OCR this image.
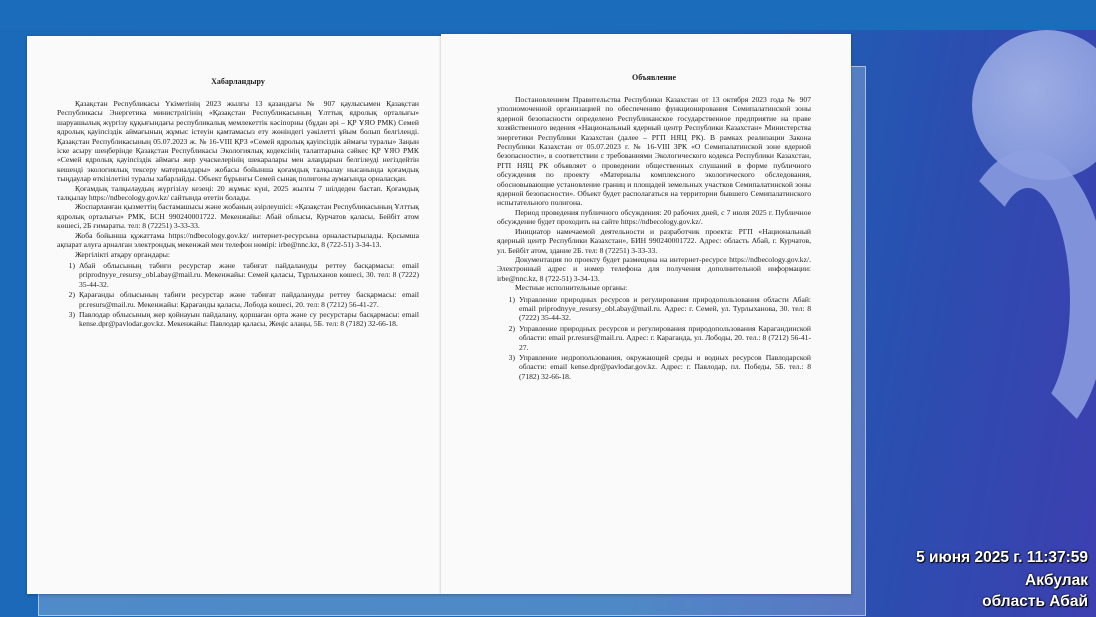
Хабарландыру

Қазақстан Республикасы Үкіметінің 2023 жылғы 13 қазандағы № 907 қаулысымен Қазақстан Республикасы Энергетика министрлігінің «Қазақстан Республикасының Ұлттық ядролық орталығы» шаруашылық жүргізу құқығындағы республикалық мемлекеттік кәсіпорны (бұдан әрі – ҚР ҰЯО РМК) Семей ядролық қауіпсіздік аймағының жұмыс істеуін қамтамасыз ету жөніндегі уәкілетті ұйым болып белгіленді. Қазақстан Республикасының 05.07.2023 ж. № 16-VIII ҚРЗ «Семей ядролық қауіпсіздік аймағы туралы» Заңын іске асыру шеңберінде Қазақстан Республикасы Экологиялық кодексінің талаптарына сәйкес ҚР ҰЯО РМК «Семей ядролық қауіпсіздік аймағы жер учаскелерінің шекаралары мен алаңдарын белгілеуді негіздейтін кешенді экологиялық тексеру материалдары» жобасы бойынша қоғамдық талқылау нысанында қоғамдық тыңдаулар өткізілетіні туралы хабарлайды. Объект бұрынғы Семей сынақ полигоны аумағында орналасқан.

Қоғамдық талқылаудың жүргізілу кезеңі: 20 жұмыс күні, 2025 жылғы 7 шілдеден бастап. Қоғамдық талқылау https://ndbecology.gov.kz/ сайтында өтетін болады.

Жоспарланған қызметтің бастамашысы және жобаның әзірлеушісі: «Қазақстан Республикасының Ұлттық ядролық орталығы» РМК, БСН 990240001722. Мекенжайы: Абай облысы, Курчатов қаласы, Бейбіт атом көшесі, 2Б ғимараты. тел: 8 (72251) 3-33-33.

Жоба бойынша құжаттама https://ndbecology.gov.kz/ интернет-ресурсына орналастырылады. Қосымша ақпарат алуға арналған электрондық мекенжай мен телефон нөмірі: irbe@nnc.kz, 8 (722-51) 3-34-13.

Жергілікті атқару органдары:

1) Абай облысының табиғи ресурстар және табиғат пайдалануды реттеу басқармасы: email priprodnyye_resursy_obl.abay@mail.ru. Мекенжайы: Семей қаласы, Тұрлыханов көшесі, 30. тел: 8 (7222) 35-44-32.
2) Қарағанды облысының табиғи ресурстар және табиғат пайдалануды реттеу басқармасы: email pr.resurs@mail.ru. Мекенжайы: Қарағанды қаласы, Лобода көшесі, 20. тел: 8 (7212) 56-41-27.
3) Павлодар облысының жер қойнауын пайдалану, қоршаған орта және су ресурстары басқармасы: email kense.dpr@pavlodar.gov.kz. Мекенжайы: Павлодар қаласы, Жеңіс алаңы, 5Б. тел: 8 (7182) 32-66-18.
Объявление

Постановлением Правительства Республики Казахстан от 13 октября 2023 года № 907 уполномоченной организацией по обеспечению функционирования Семипалатинской зоны ядерной безопасности определено Республиканское государственное предприятие на праве хозяйственного ведения «Национальный ядерный центр Республики Казахстан» Министерства энергетики Республики Казахстан (далее – РГП НЯЦ РК). В рамках реализации Закона Республики Казахстан от 05.07.2023 г. № 16-VIII ЗРК «О Семипалатинской зоне ядерной безопасности», в соответствии с требованиями Экологического кодекса Республики Казахстан, РГП НЯЦ РК объявляет о проведении общественных слушаний в форме публичного обсуждения по проекту «Материалы комплексного экологического обследования, обосновывающие установление границ и площадей земельных участков Семипалатинской зоны ядерной безопасности». Объект будет располагаться на территории бывшего Семипалатинского испытательного полигона.

Период проведения публичного обсуждения: 20 рабочих дней, с 7 июля 2025 г. Публичное обсуждение будет проходить на сайте https://ndbecology.gov.kz/.

Инициатор намечаемой деятельности и разработчик проекта: РГП «Национальный ядерный центр Республики Казахстан», БИН 990240001722. Адрес: область Абай, г. Курчатов, ул. Бейбіт атом, здание 2Б. тел: 8 (72251) 3-33-33.

Документация по проекту будет размещена на интернет-ресурсе https://ndbecology.gov.kz/. Электронный адрес и номер телефона для получения дополнительной информации: irbe@nnc.kz, 8 (722-51) 3-34-13.

Местные исполнительные органы:

1) Управление природных ресурсов и регулирования природопользования области Абай: email priprodnyye_resursy_obl.abay@mail.ru. Адрес: г. Семей, ул. Турлыханова, 30. тел: 8 (7222) 35-44-32.
2) Управление природных ресурсов и регулирования природопользования Карагандинской области: email pr.resurs@mail.ru. Адрес: г. Караганда, ул. Лободы, 20. тел.: 8 (7212) 56-41-27.
3) Управление недропользования, окружающей среды и водных ресурсов Павлодарской области: email kense.dpr@pavlodar.gov.kz. Адрес: г. Павлодар, пл. Победы, 5Б. тел.: 8 (7182) 32-66-18.
5 июня 2025 г. 11:37:59
Акбулак
область Абай
